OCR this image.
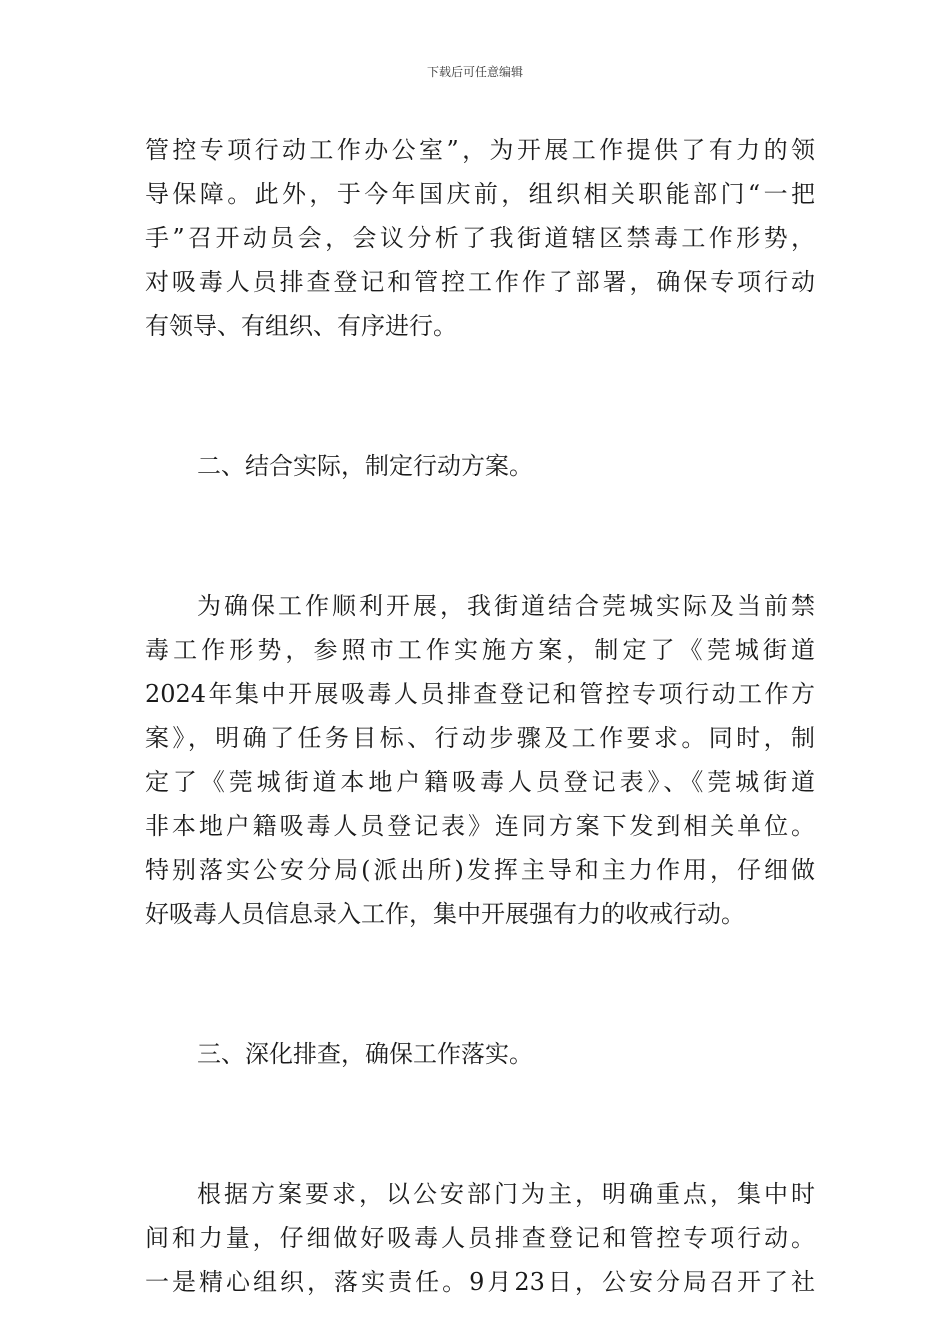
下载后可任意编辑
管控专项行动工作办公室”，为开展工作提供了有力的领
导保障。此外，于今年国庆前，组织相关职能部门“一把
手”召开动员会，会议分析了我街道辖区禁毒工作形势，
对吸毒人员排查登记和管控工作作了部署，确保专项行动
有领导、有组织、有序进行。
二、结合实际，制定行动方案。
为确保工作顺利开展，我街道结合莞城实际及当前禁
毒工作形势，参照市工作实施方案，制定了《莞城街道
2024年集中开展吸毒人员排查登记和管控专项行动工作方
案》，明确了任务目标、行动步骤及工作要求。同时，制
定了《莞城街道本地户籍吸毒人员登记表》、《莞城街道
非本地户籍吸毒人员登记表》连同方案下发到相关单位。
特别落实公安分局(派出所)发挥主导和主力作用，仔细做
好吸毒人员信息录入工作，集中开展强有力的收戒行动。
三、深化排查，确保工作落实。
根据方案要求，以公安部门为主，明确重点，集中时
间和力量，仔细做好吸毒人员排查登记和管控专项行动。
一是精心组织，落实责任。9月23日，公安分局召开了社
